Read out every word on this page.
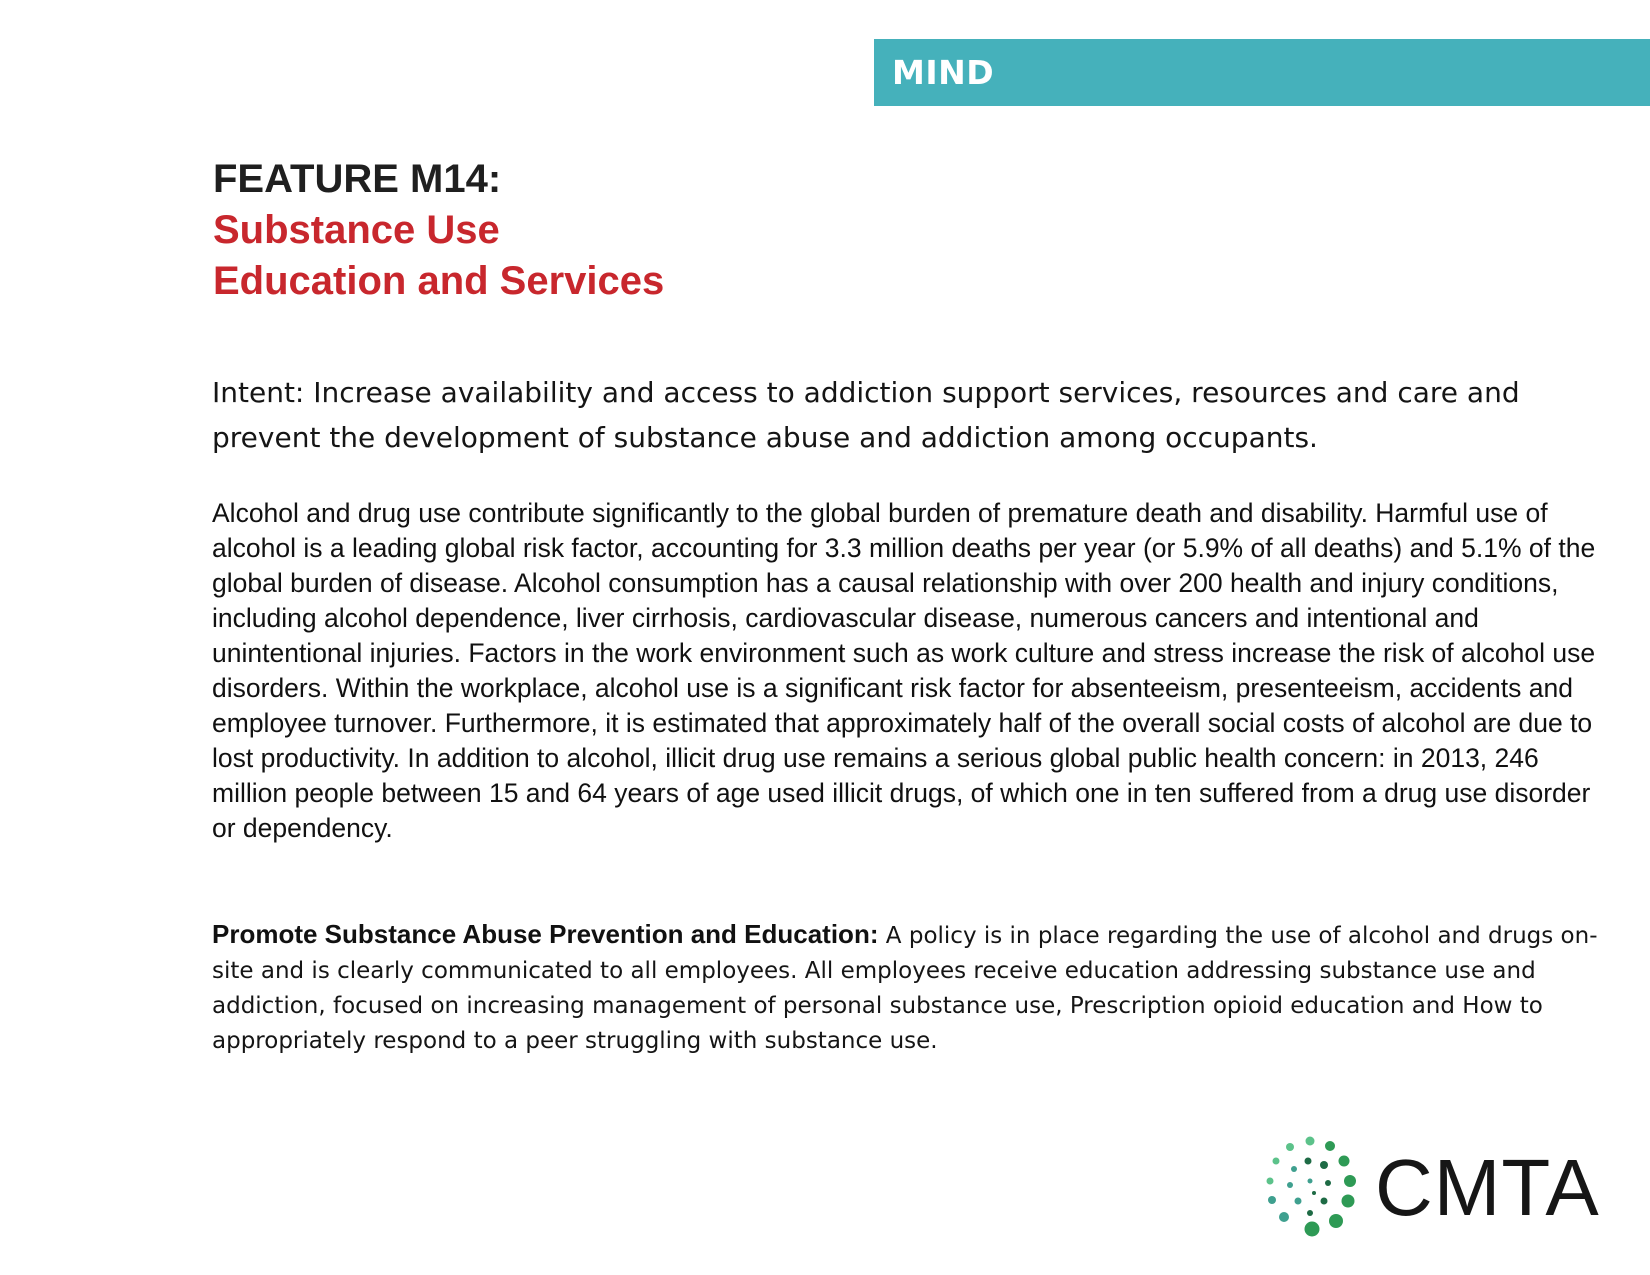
MIND
FEATURE M14:
Substance Use
Education and Services

Intent: Increase availability and access to addiction support services, resources and care and prevent the development of substance abuse and addiction among occupants.

Alcohol and drug use contribute significantly to the global burden of premature death and disability. Harmful use of alcohol is a leading global risk factor, accounting for 3.3 million deaths per year (or 5.9% of all deaths) and 5.1% of the global burden of disease. Alcohol consumption has a causal relationship with over 200 health and injury conditions, including alcohol dependence, liver cirrhosis, cardiovascular disease, numerous cancers and intentional and unintentional injuries. Factors in the work environment such as work culture and stress increase the risk of alcohol use disorders. Within the workplace, alcohol use is a significant risk factor for absenteeism, presenteeism, accidents and employee turnover. Furthermore, it is estimated that approximately half of the overall social costs of alcohol are due to lost productivity. In addition to alcohol, illicit drug use remains a serious global public health concern: in 2013, 246 million people between 15 and 64 years of age used illicit drugs, of which one in ten suffered from a drug use disorder or dependency.

Promote Substance Abuse Prevention and Education: A policy is in place regarding the use of alcohol and drugs on-site and is clearly communicated to all employees. All employees receive education addressing substance use and addiction, focused on increasing management of personal substance use, Prescription opioid education and How to appropriately respond to a peer struggling with substance use.

CMTA
